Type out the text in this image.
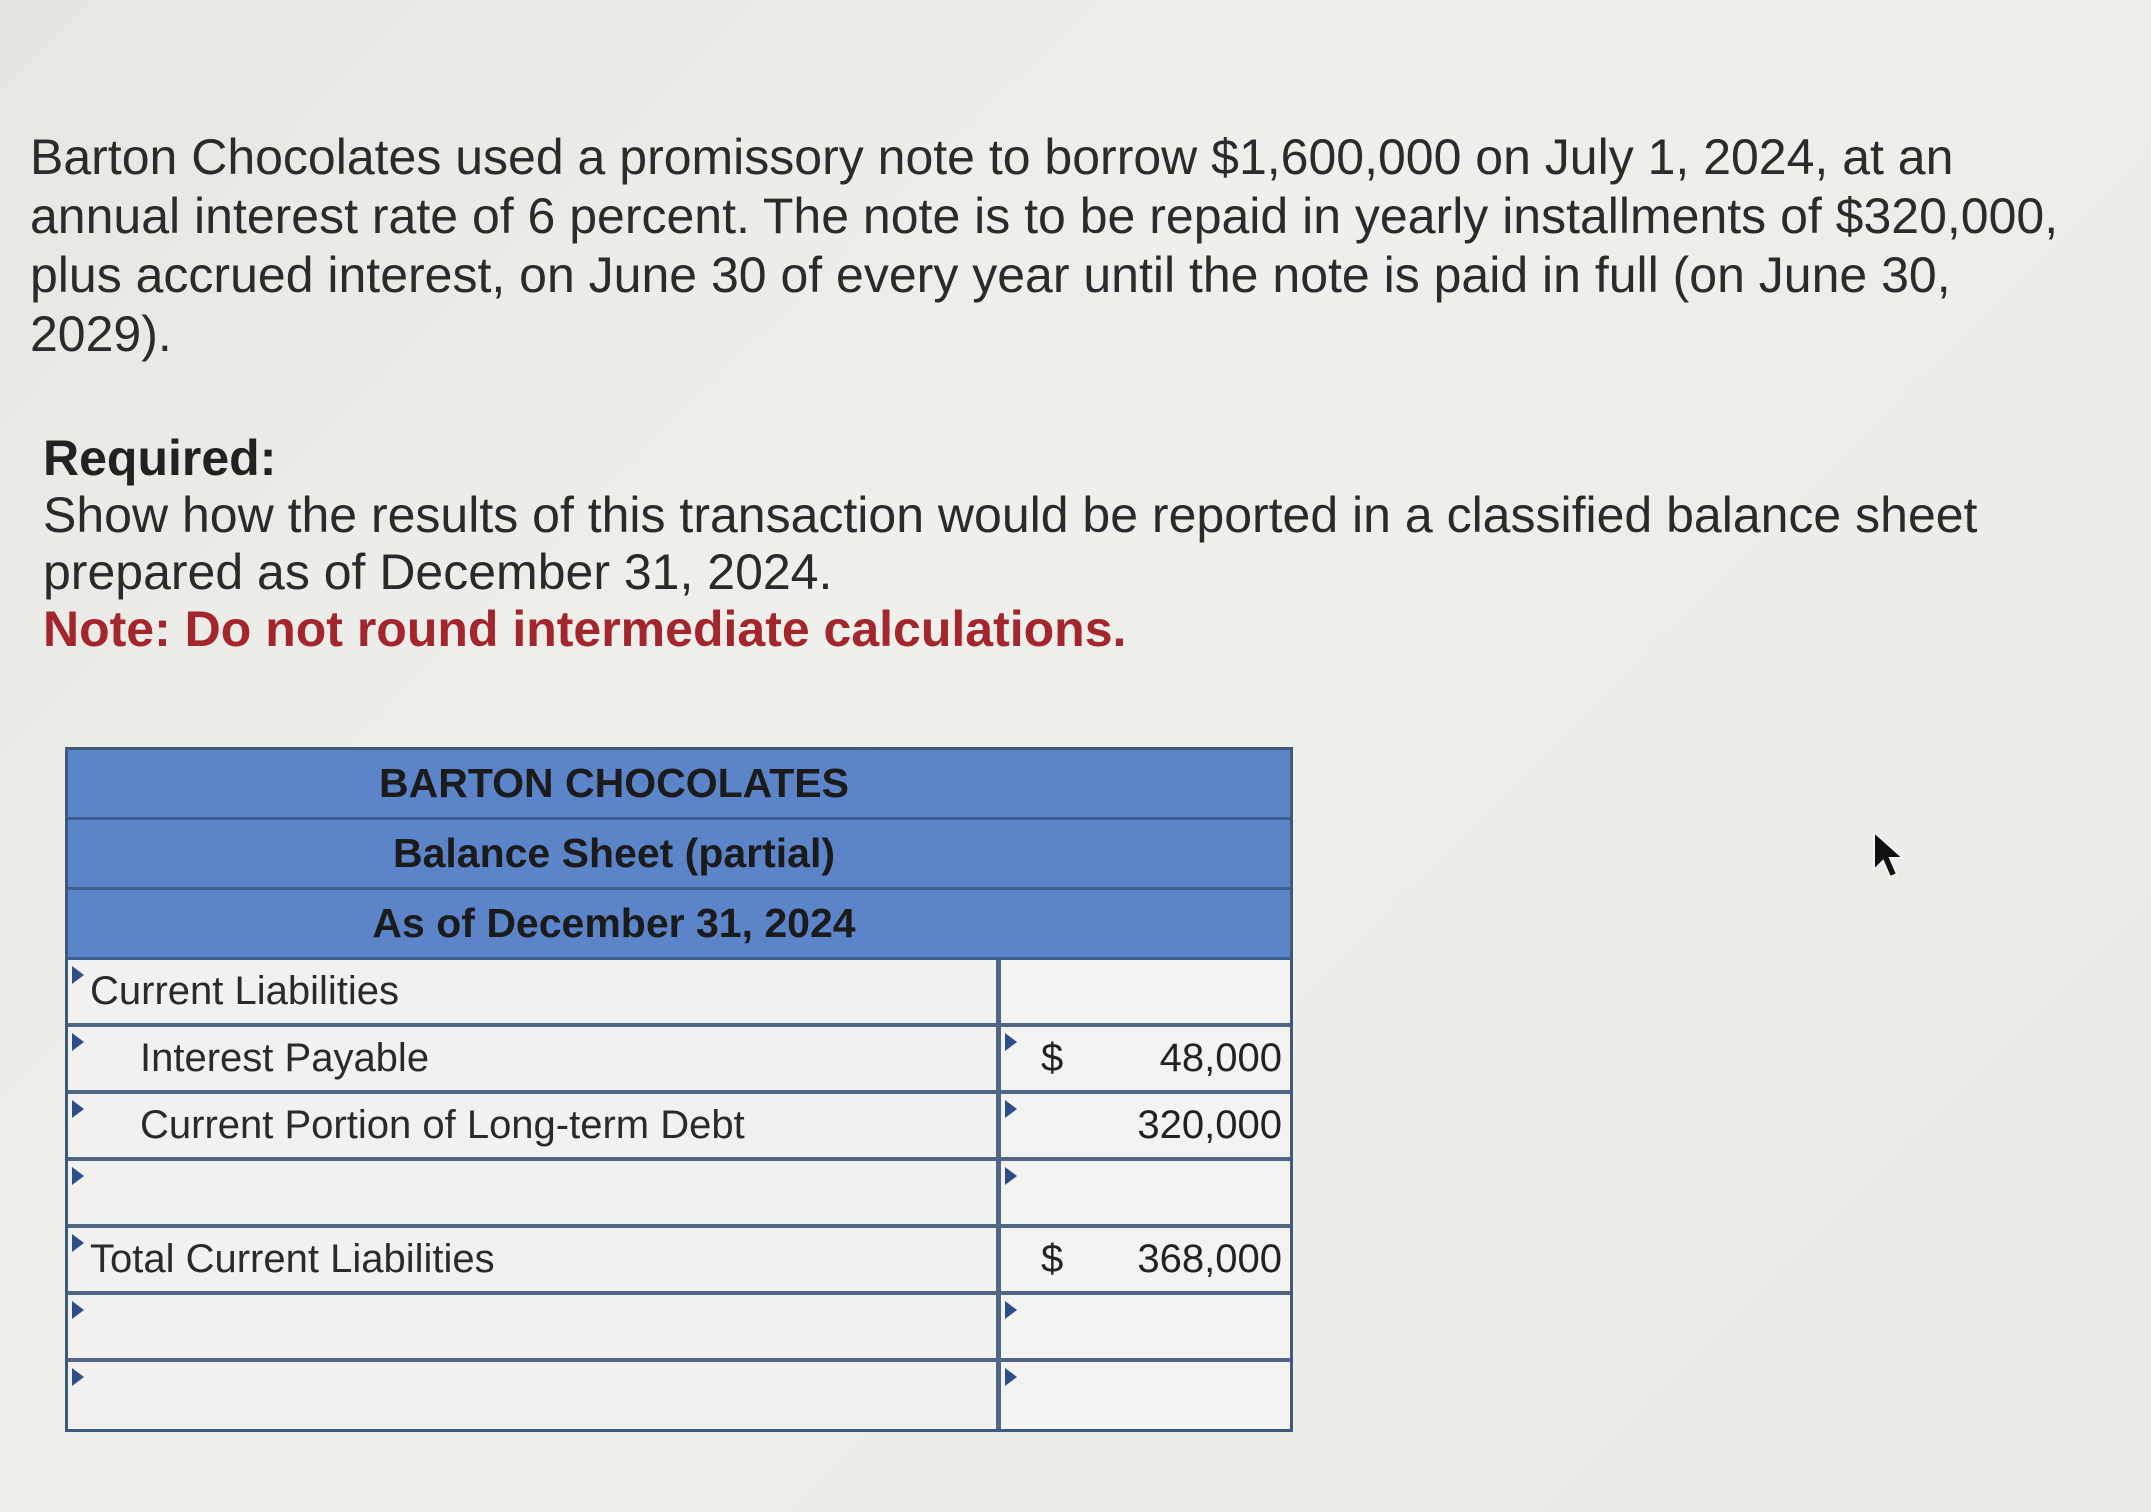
Barton Chocolates used a promissory note to borrow $1,600,000 on July 1, 2024, at an annual interest rate of 6 percent. The note is to be repaid in yearly installments of $320,000, plus accrued interest, on June 30 of every year until the note is paid in full (on June 30, 2029).
Required:
Show how the results of this transaction would be reported in a classified balance sheet prepared as of December 31, 2024.
Note: Do not round intermediate calculations.
BARTON CHOCOLATES
Balance Sheet (partial)
As of December 31, 2024
Current Liabilities
Interest Payable	$ 48,000
Current Portion of Long-term Debt	320,000
Total Current Liabilities	$ 368,000
